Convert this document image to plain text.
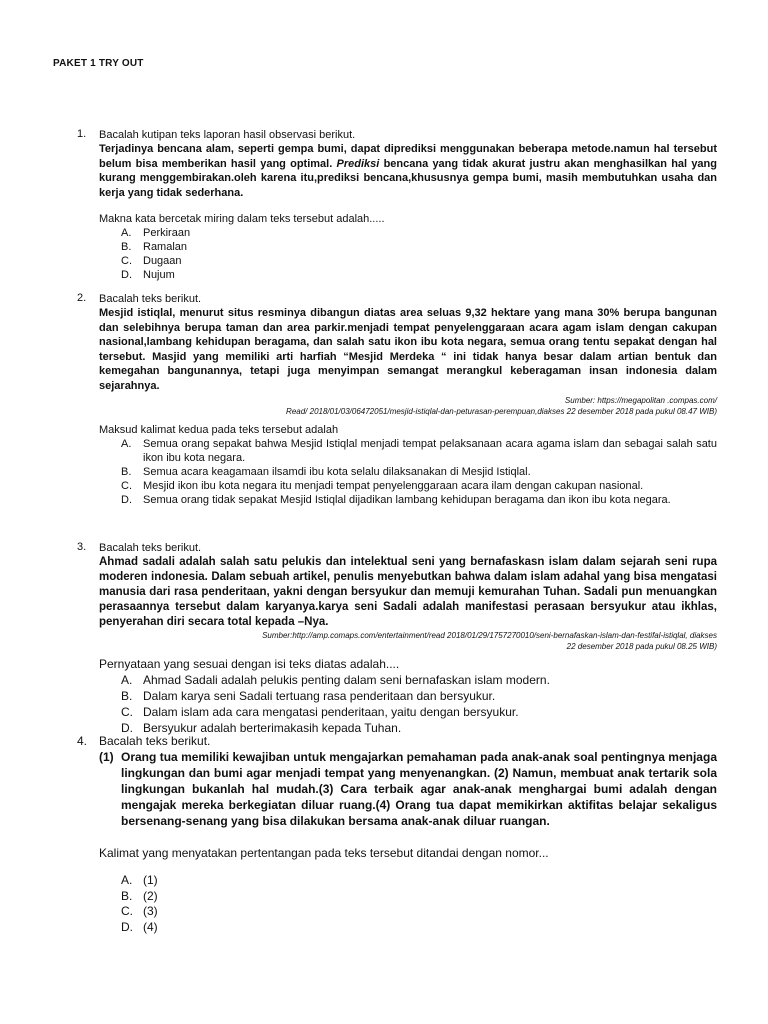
PAKET 1 TRY OUT
1. Bacalah kutipan teks laporan hasil observasi berikut.
Terjadinya bencana alam, seperti gempa bumi, dapat diprediksi menggunakan beberapa metode.namun hal tersebut belum bisa memberikan hasil yang optimal. Prediksi bencana yang tidak akurat justru akan menghasilkan hal yang kurang menggembirakan.oleh karena itu,prediksi bencana,khususnya gempa bumi, masih membutuhkan usaha dan kerja yang tidak sederhana.
Makna kata bercetak miring dalam teks tersebut adalah.....
A. Perkiraan
B. Ramalan
C. Dugaan
D. Nujum
2. Bacalah teks berikut.
Mesjid istiqlal, menurut situs resminya dibangun diatas area seluas 9,32 hektare yang mana 30% berupa bangunan dan selebihnya berupa taman dan area parkir.menjadi tempat penyelenggaraan acara agam islam dengan cakupan nasional,lambang kehidupan beragama, dan salah satu ikon ibu kota negara, semua orang tentu sepakat dengan hal tersebut. Masjid yang memiliki arti harfiah “Mesjid Merdeka “ ini tidak hanya besar dalam artian bentuk dan kemegahan bangunannya, tetapi juga menyimpan semangat merangkul keberagaman insan indonesia dalam sejarahnya.
Sumber: https://megapolitan .compas.com/
Read/ 2018/01/03/06472051/mesjid-istiqlal-dan-peturasan-perempuan,diakses 22 desember 2018 pada pukul 08.47 WIB)
Maksud kalimat kedua pada teks tersebut adalah
A. Semua orang sepakat bahwa Mesjid Istiqlal menjadi tempat pelaksanaan acara agama islam dan sebagai salah satu ikon ibu kota negara.
B. Semua acara keagamaan ilsamdi ibu kota selalu dilaksanakan di Mesjid Istiqlal.
C. Mesjid ikon ibu kota negara itu menjadi tempat penyelenggaraan acara ilam dengan cakupan nasional.
D. Semua orang tidak sepakat Mesjid Istiqlal dijadikan lambang kehidupan beragama dan ikon ibu kota negara.
3. Bacalah teks berikut.
Ahmad sadali adalah salah satu pelukis dan intelektual seni yang bernafaskasn islam dalam sejarah seni rupa moderen indonesia. Dalam sebuah artikel, penulis menyebutkan bahwa dalam islam adahal yang bisa mengatasi manusia dari rasa penderitaan, yakni dengan bersyukur dan memuji kemurahan Tuhan. Sadali pun menuangkan perasaannya tersebut dalam karyanya.karya seni Sadali adalah manifestasi perasaan bersyukur atau ikhlas, penyerahan diri secara total kepada –Nya.
Sumber:http://amp.comaps.com/entertainment/read 2018/01/29/1757270010/seni-bernafaskan-islam-dan-festifal-istiqlal, diakses
22 desember 2018 pada pukul 08.25 WIB)
Pernyataan yang sesuai dengan isi teks diatas adalah....
A. Ahmad Sadali adalah pelukis penting dalam seni bernafaskan islam modern.
B. Dalam karya seni Sadali tertuang rasa penderitaan dan bersyukur.
C. Dalam islam ada cara mengatasi penderitaan, yaitu dengan bersyukur.
D. Bersyukur adalah berterimakasih kepada Tuhan.
4. Bacalah teks berikut.
(1) Orang tua memiliki kewajiban untuk mengajarkan pemahaman pada anak-anak soal pentingnya menjaga lingkungan dan bumi agar menjadi tempat yang menyenangkan. (2) Namun, membuat anak tertarik sola lingkungan bukanlah hal mudah.(3) Cara terbaik agar anak-anak menghargai bumi adalah dengan mengajak mereka berkegiatan diluar ruang.(4) Orang tua dapat memikirkan aktifitas belajar sekaligus bersenang-senang yang bisa dilakukan bersama anak-anak diluar ruangan.
Kalimat yang menyatakan pertentangan pada teks tersebut ditandai dengan nomor...
A. (1)
B. (2)
C. (3)
D. (4)
